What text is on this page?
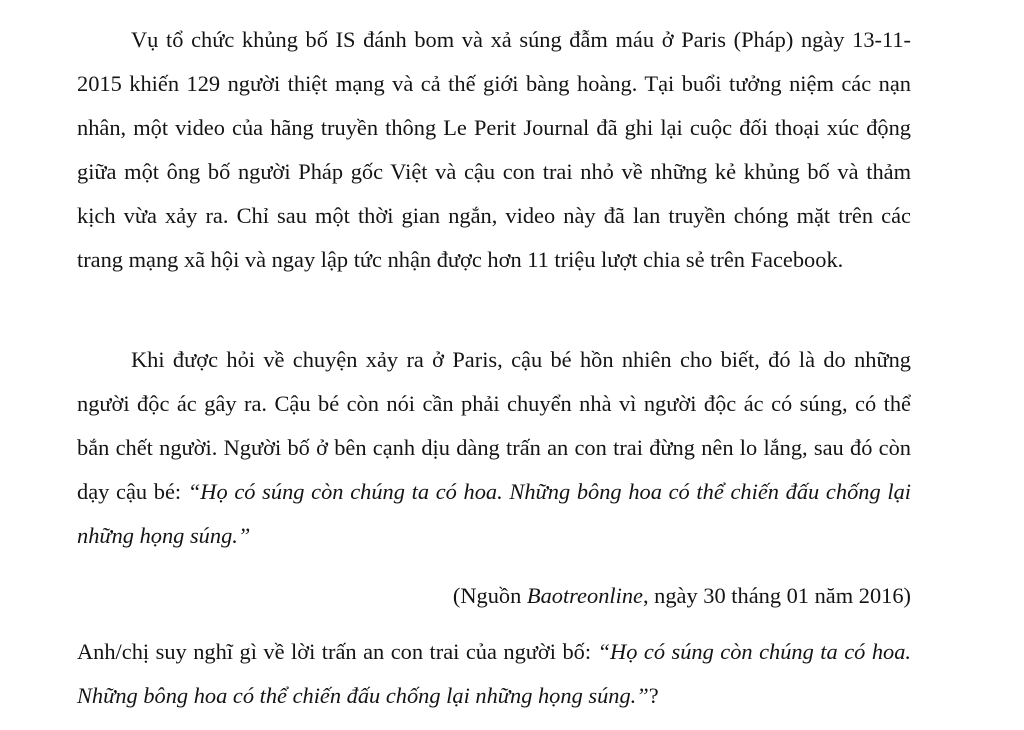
Vụ tổ chức khủng bố IS đánh bom và xả súng đẫm máu ở Paris (Pháp) ngày 13-11-2015 khiến 129 người thiệt mạng và cả thế giới bàng hoàng. Tại buổi tưởng niệm các nạn nhân, một video của hãng truyền thông Le Perit Journal đã ghi lại cuộc đối thoại xúc động giữa một ông bố người Pháp gốc Việt và cậu con trai nhỏ về những kẻ khủng bố và thảm kịch vừa xảy ra. Chỉ sau một thời gian ngắn, video này đã lan truyền chóng mặt trên các trang mạng xã hội và ngay lập tức nhận được hơn 11 triệu lượt chia sẻ trên Facebook.

Khi được hỏi về chuyện xảy ra ở Paris, cậu bé hồn nhiên cho biết, đó là do những người độc ác gây ra. Cậu bé còn nói cần phải chuyển nhà vì người độc ác có súng, có thể bắn chết người. Người bố ở bên cạnh dịu dàng trấn an con trai đừng nên lo lắng, sau đó còn dạy cậu bé: “Họ có súng còn chúng ta có hoa. Những bông hoa có thể chiến đấu chống lại những họng súng.”

(Nguồn Baotreonline, ngày 30 tháng 01 năm 2016)

Anh/chị suy nghĩ gì về lời trấn an con trai của người bố: “Họ có súng còn chúng ta có hoa. Những bông hoa có thể chiến đấu chống lại những họng súng.”?
